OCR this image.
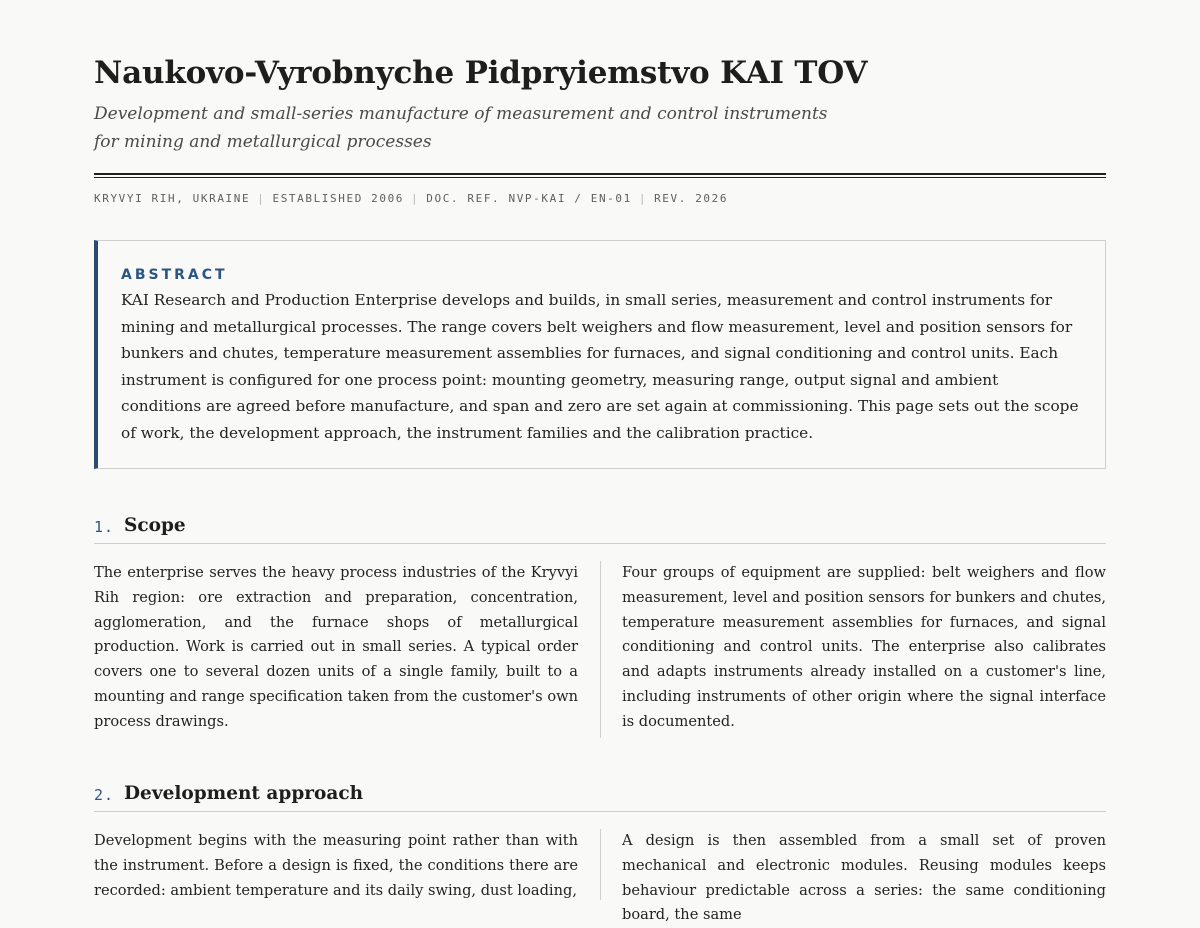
Naukovo-Vyrobnyche Pidpryiemstvo KAI TOV

Development and small-series manufacture of measurement and control instruments for mining and metallurgical processes

KRYVYI RIH, UKRAINE | ESTABLISHED 2006 | DOC. REF. NVP-KAI / EN-01 | REV. 2026
ABSTRACT

KAI Research and Production Enterprise develops and builds, in small series, measurement and control instruments for mining and metallurgical processes. The range covers belt weighers and flow measurement, level and position sensors for bunkers and chutes, temperature measurement assemblies for furnaces, and signal conditioning and control units. Each instrument is configured for one process point: mounting geometry, measuring range, output signal and ambient conditions are agreed before manufacture, and span and zero are set again at commissioning. This page sets out the scope of work, the development approach, the instrument families and the calibration practice.

1. Scope

The enterprise serves the heavy process industries of the Kryvyi Rih region: ore extraction and preparation, concentration, agglomeration, and the furnace shops of metallurgical production. Work is carried out in small series. A typical order covers one to several dozen units of a single family, built to a mounting and range specification taken from the customer's own process drawings.

Four groups of equipment are supplied: belt weighers and flow measurement, level and position sensors for bunkers and chutes, temperature measurement assemblies for furnaces, and signal conditioning and control units. The enterprise also calibrates and adapts instruments already installed on a customer's line, including instruments of other origin where the signal interface is documented.

2. Development approach

Development begins with the measuring point rather than with the instrument. Before a design is fixed, the conditions there are recorded: ambient temperature and its daily swing, dust loading,

A design is then assembled from a small set of proven mechanical and electronic modules. Reusing modules keeps behaviour predictable across a series: the same conditioning board, the same
